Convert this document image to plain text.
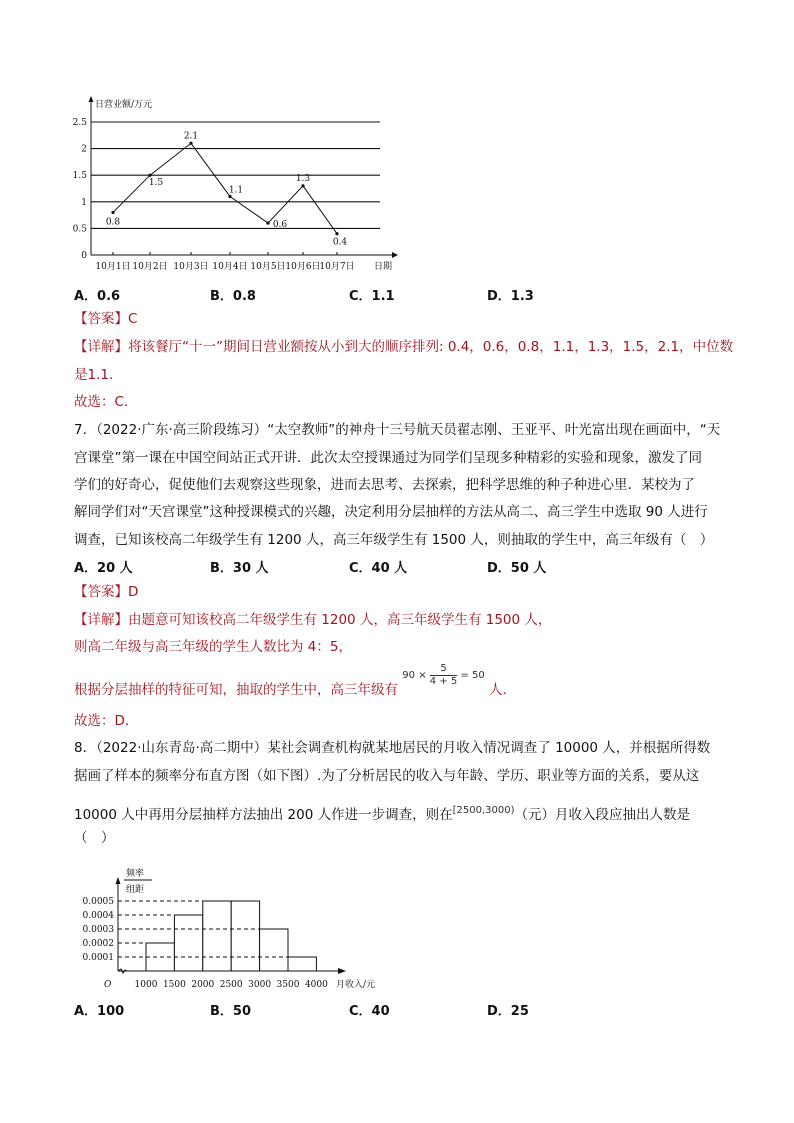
0
0.5
1
1.5
2
2.5
日营业额/万元
日期
0.8
10月1日
1.5
10月2日
2.1
10月3日
1.1
10月4日
0.6
10月5日
1.3
10月6日
0.4
10月7日
0.0001
0.0002
0.0003
0.0004
0.0005
1000 1500 2000 2500 3000 3500 4000
频率
组距
O	月收入/元
A．0.6	B．0.8	C．1.1	D．1.3
【答案】C
【详解】将该餐厅“十一”期间日营业额按从小到大的顺序排列: 0.4，0.6，0.8，1.1，1.3，1.5，2.1，中位数
是1.1．
故选：C．
7．（2022·广东·高三阶段练习）“太空教师”的神舟十三号航天员翟志刚、王亚平、叶光富出现在画面中，“天
宫课堂”第一课在中国空间站正式开讲．此次太空授课通过为同学们呈现多种精彩的实验和现象，激发了同
学们的好奇心，促使他们去观察这些现象，进而去思考、去探索，把科学思维的种子种进心里．某校为了
解同学们对“天宫课堂”这种授课模式的兴趣，决定利用分层抽样的方法从高二、高三学生中选取 90 人进行
调查，已知该校高二年级学生有 1200 人，高三年级学生有 1500 人，则抽取的学生中，高三年级有（　）
A．20 人	B．30 人	C．40 人	D．50 人
【答案】D
【详解】由题意可知该校高二年级学生有 1200 人，高三年级学生有 1500 人，
则高二年级与高三年级的学生人数比为 4：5，
根据分层抽样的特征可知，抽取的学生中，高三年级有 $90 \times \frac{5}{4 + 5} = 50$ 人．
故选：D．
8．（2022·山东青岛·高二期中）某社会调查机构就某地居民的月收入情况调查了 10000 人，并根据所得数
据画了样本的频率分布直方图（如下图）.为了分析居民的收入与年龄、学历、职业等方面的关系，要从这
10000 人中再用分层抽样方法抽出 200 人作进一步调查，则在$^{[2500,3000)}$（元）月收入段应抽出人数是
（　）
A．100	B．50	C．40	D．25
